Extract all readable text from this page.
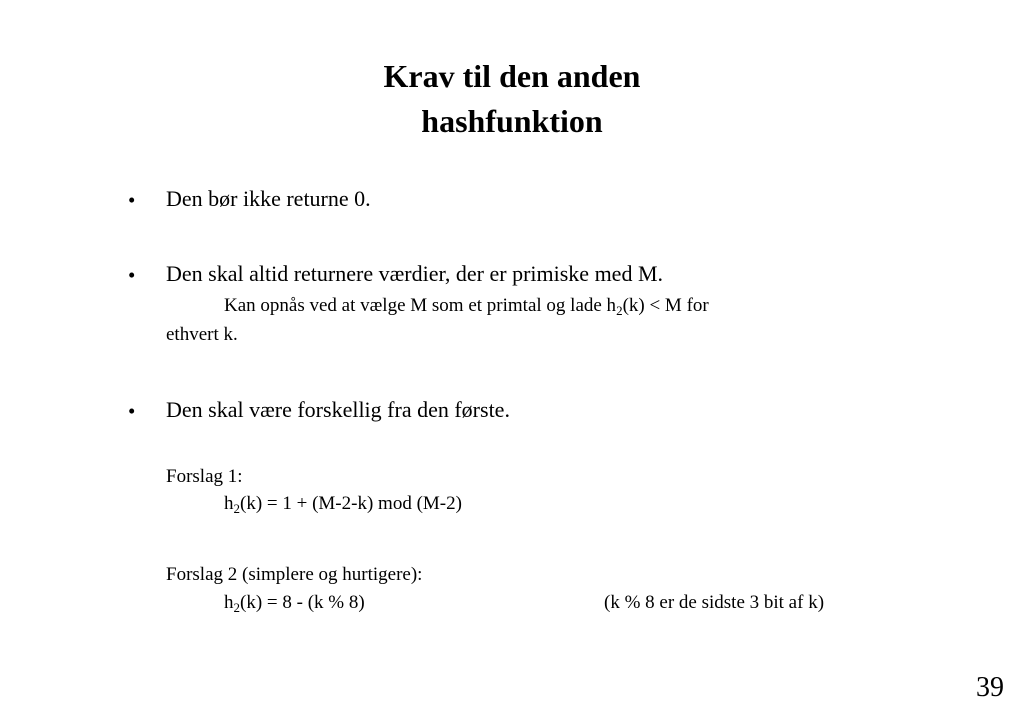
Krav til den anden
hashfunktion
• Den bør ikke returne 0.
• Den skal altid returnere værdier, der er primiske med M.
Kan opnås ved at vælge M som et primtal og lade $h_2(k) < M$ for
ethvert k.
• Den skal være forskellig fra den første.
Forslag 1:
$h_2(k) = 1 + (M-2-k)$ mod (M-2)
Forslag 2 (simplere og hurtigere):
$h_2(k) = 8 - (k$ % 8)	(k % 8 er de sidste 3 bit af k)
39
